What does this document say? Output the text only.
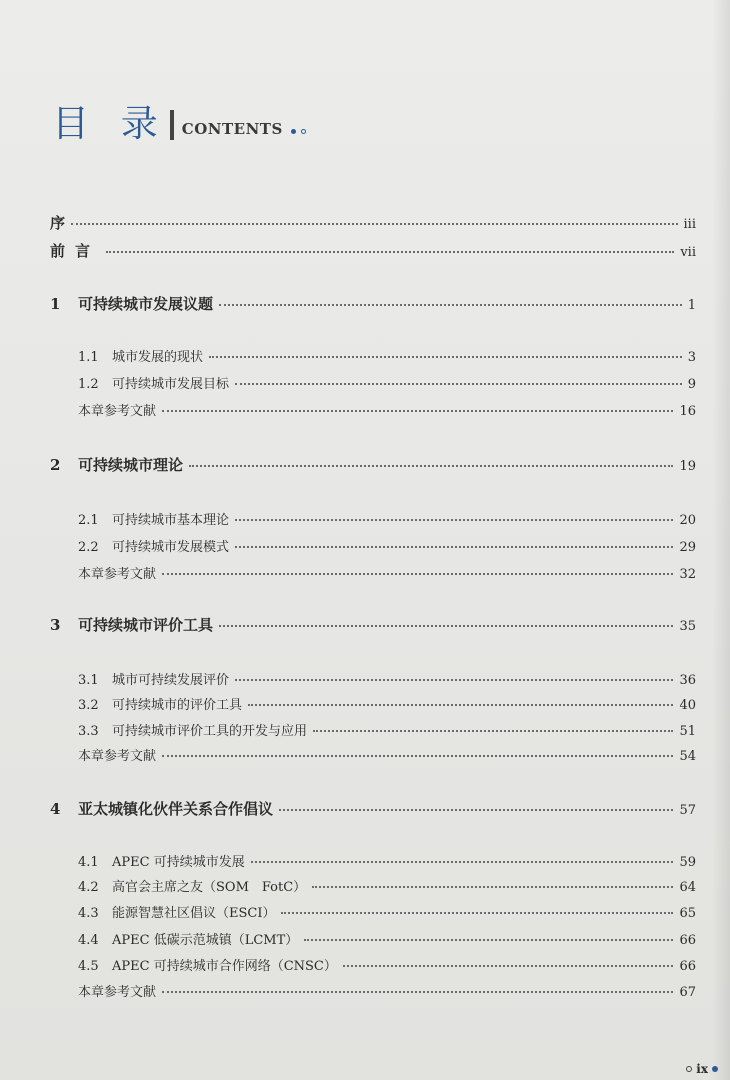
目 录 CONTENTS
序	iii
前言	vii
1 可持续城市发展议题	1
1.1 城市发展的现状	3
1.2 可持续城市发展目标	9
本章参考文献	16
2 可持续城市理论	19
2.1 可持续城市基本理论	20
2.2 可持续城市发展模式	29
本章参考文献	32
3 可持续城市评价工具	35
3.1 城市可持续发展评价	36
3.2 可持续城市的评价工具	40
3.3 可持续城市评价工具的开发与应用	51
本章参考文献	54
4 亚太城镇化伙伴关系合作倡议	57
4.1 APEC 可持续城市发展	59
4.2 高官会主席之友（SOM　FotC）	64
4.3 能源智慧社区倡议（ESCI）	65
4.4 APEC 低碳示范城镇（LCMT）	66
4.5 APEC 可持续城市合作网络（CNSC）	66
本章参考文献	67
ix
